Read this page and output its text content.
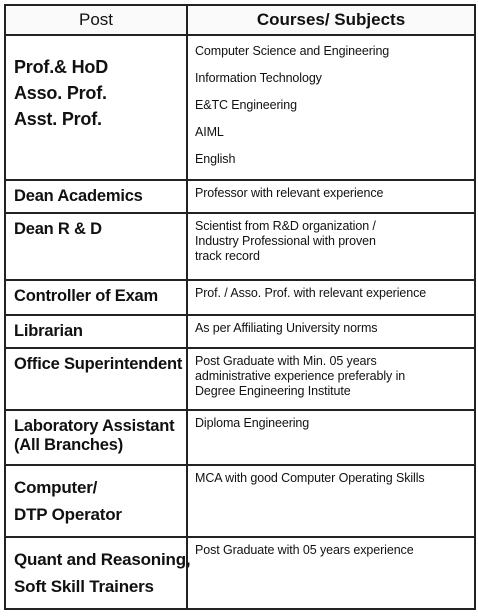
Post	Courses/ Subjects

Prof.& HoD
Asso. Prof.
Asst. Prof.	Computer Science and Engineering
Information Technology
E&TC Engineering
AIML
English

Dean Academics	Professor with relevant experience

Dean R & D	Scientist from R&D organization /
Industry Professional with proven
track record

Controller of Exam	Prof. / Asso. Prof. with relevant experience

Librarian	As per Affiliating University norms

Office Superintendent	Post Graduate with Min. 05 years
administrative experience preferably in
Degree Engineering Institute

Laboratory Assistant
(All Branches)	Diploma Engineering

Computer/
DTP Operator	MCA with good Computer Operating Skills

Quant and Reasoning,
Soft Skill Trainers	Post Graduate with 05 years experience
